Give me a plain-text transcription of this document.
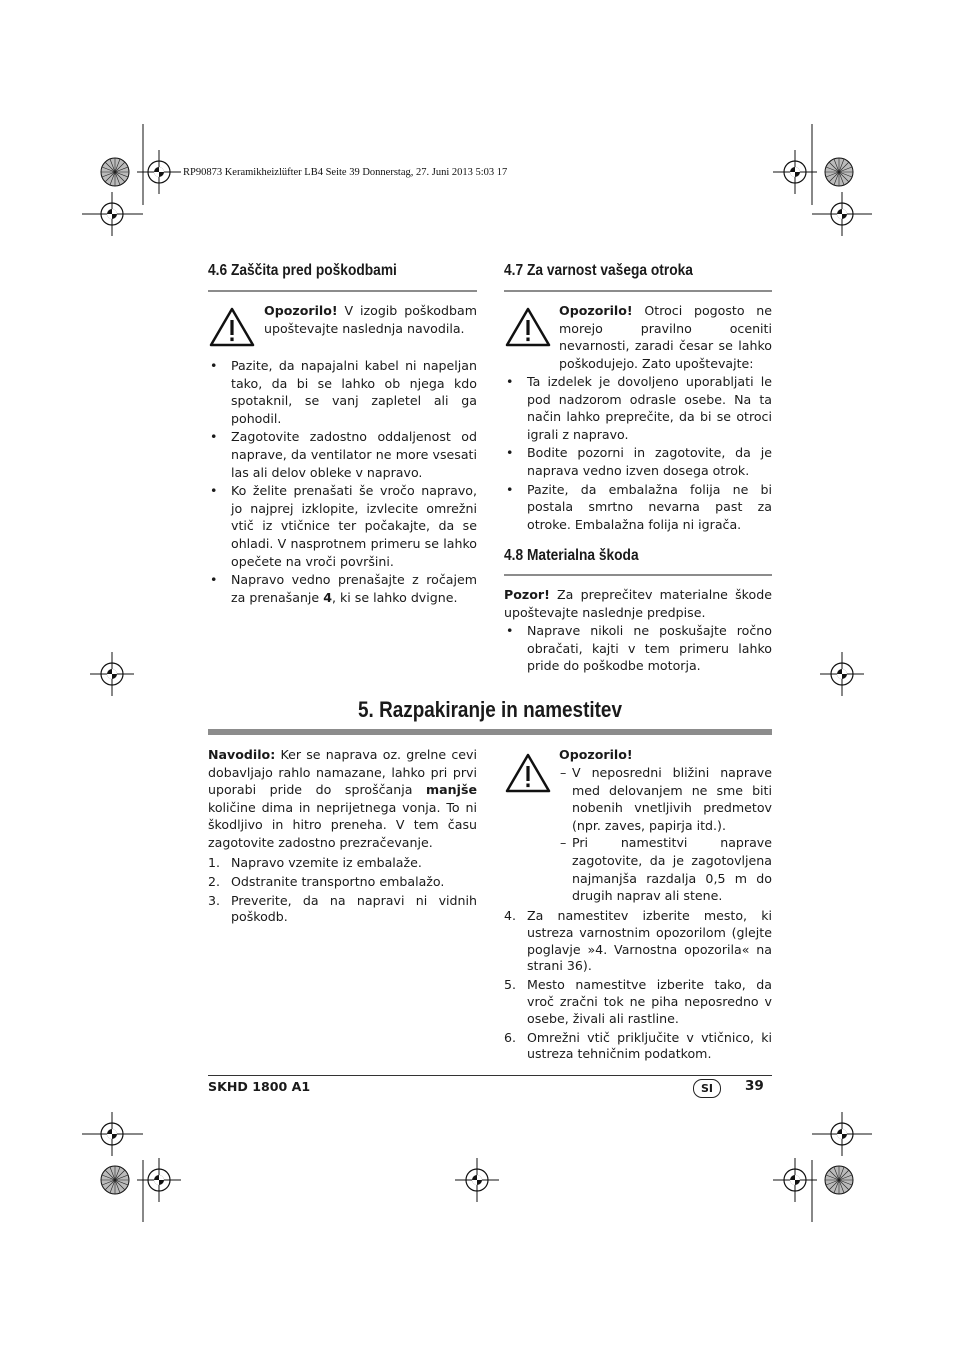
RP90873 Keramikheizlüfter LB4 Seite 39 Donnerstag, 27. Juni 2013 5:03 17
4.6 Zaščita pred poškodbami
Opozorilo! V izogib poškodbam upoštevajte naslednja navodila.
• Pazite, da napajalni kabel ni napeljan tako, da bi se lahko ob njega kdo spotaknil, se vanj zapletel ali ga pohodil.
• Zagotovite zadostno oddaljenost od naprave, da ventilator ne more vsesati las ali delov obleke v napravo.
• Ko želite prenašati še vročo napravo, jo najprej izklopite, izvlecite omrežni vtič iz vtičnice ter počakajte, da se ohladi. V nasprotnem primeru se lahko opečete na vroči površini.
• Napravo vedno prenašajte z ročajem za prenašanje 4, ki se lahko dvigne.
4.7 Za varnost vašega otroka
Opozorilo! Otroci pogosto ne morejo pravilno oceniti nevarnosti, zaradi česar se lahko poškodujejo. Zato upoštevajte:
• Ta izdelek je dovoljeno uporabljati le pod nadzorom odrasle osebe. Na ta način lahko preprečite, da bi se otroci igrali z napravo.
• Bodite pozorni in zagotovite, da je naprava vedno izven dosega otrok.
• Pazite, da embalažna folija ne bi postala smrtno nevarna past za otroke. Embalažna folija ni igrača.
4.8 Materialna škoda
Pozor! Za preprečitev materialne škode upoštevajte naslednje predpise.
• Naprave nikoli ne poskušajte ročno obračati, kajti v tem primeru lahko pride do poškodbe motorja.
5. Razpakiranje in namestitev
Navodilo: Ker se naprava oz. grelne cevi dobavljajo rahlo namazane, lahko pri prvi uporabi pride do sproščanja manjše količine dima in neprijetnega vonja. To ni škodljivo in hitro preneha. V tem času zagotovite zadostno prezračevanje.
1. Napravo vzemite iz embalaže.
2. Odstranite transportno embalažo.
3. Preverite, da na napravi ni vidnih poškodb.
Opozorilo!
– V neposredni bližini naprave med delovanjem ne sme biti nobenih vnetljivih predmetov (npr. zaves, papirja itd.).
– Pri namestitvi naprave zagotovite, da je zagotovljena najmanjša razdalja 0,5 m do drugih naprav ali stene.
4. Za namestitev izberite mesto, ki ustreza varnostnim opozorilom (glejte poglavje »4. Varnostna opozorila« na strani 36).
5. Mesto namestitve izberite tako, da vroč zračni tok ne piha neposredno v osebe, živali ali rastline.
6. Omrežni vtič priključite v vtičnico, ki ustreza tehničnim podatkom.
SKHD 1800 A1	SI	39
